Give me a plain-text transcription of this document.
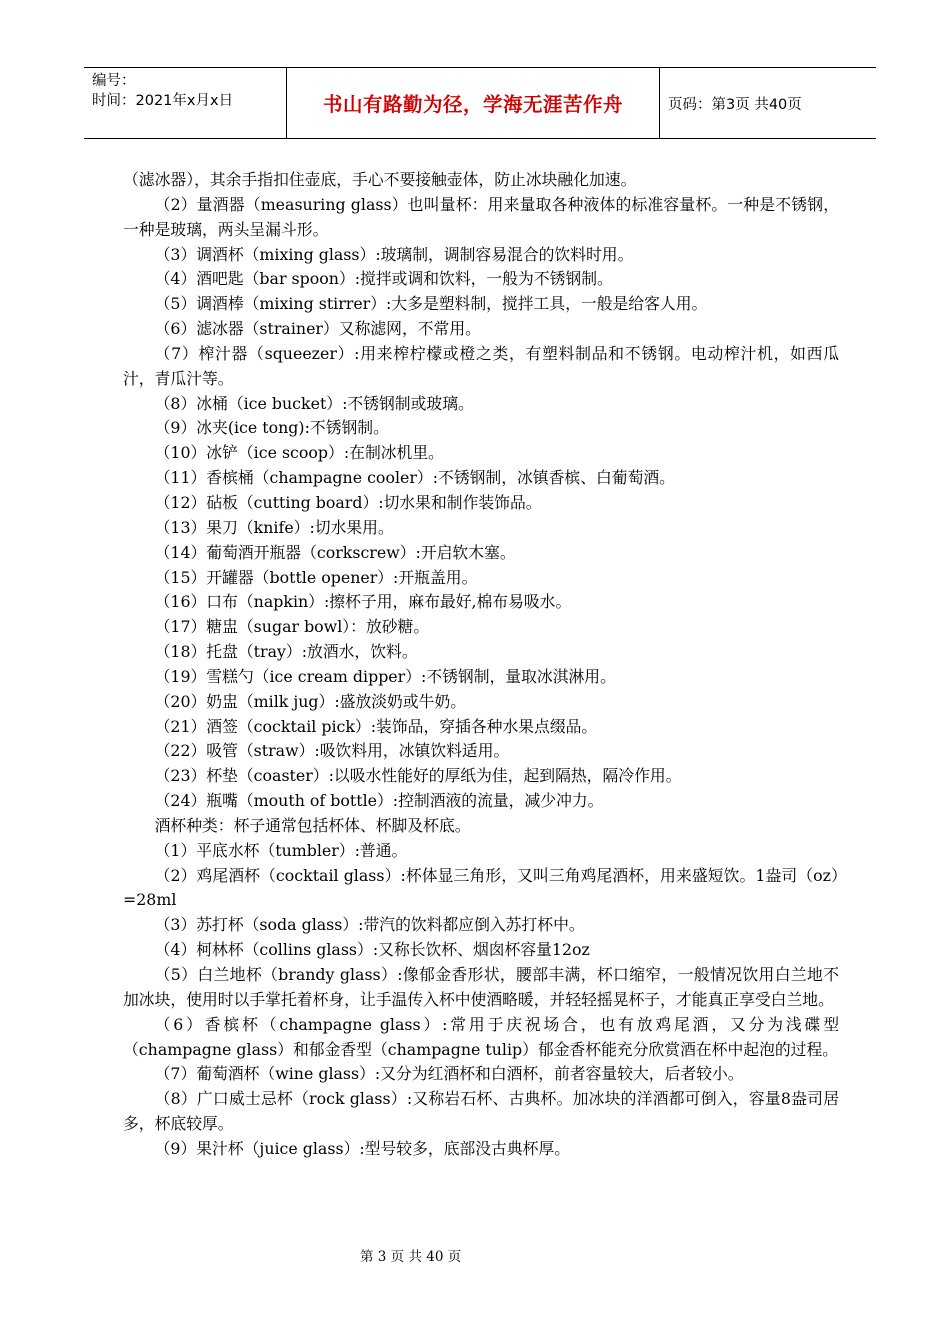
编号：
时间：2021年x月x日	书山有路勤为径，学海无涯苦作舟	页码：第3页 共40页

（滤冰器），其余手指扣住壶底，手心不要接触壶体，防止冰块融化加速。

（2）量酒器（measuring glass）也叫量杯：用来量取各种液体的标准容量杯。一种是不锈钢，一种是玻璃，两头呈漏斗形。

（3）调酒杯（mixing glass）:玻璃制，调制容易混合的饮料时用。

（4）酒吧匙（bar spoon）:搅拌或调和饮料，一般为不锈钢制。

（5）调酒棒（mixing stirrer）:大多是塑料制，搅拌工具，一般是给客人用。

（6）滤冰器（strainer）又称滤网，不常用。

（7）榨汁器（squeezer）:用来榨柠檬或橙之类，有塑料制品和不锈钢。电动榨汁机，如西瓜汁，青瓜汁等。

（8）冰桶（ice bucket）:不锈钢制或玻璃。

（9）冰夹(ice tong):不锈钢制。

（10）冰铲（ice scoop）:在制冰机里。

（11）香槟桶（champagne cooler）:不锈钢制，冰镇香槟、白葡萄酒。

（12）砧板（cutting board）:切水果和制作装饰品。

（13）果刀（knife）:切水果用。

（14）葡萄酒开瓶器（corkscrew）:开启软木塞。

（15）开罐器（bottle opener）:开瓶盖用。

（16）口布（napkin）:擦杯子用，麻布最好,棉布易吸水。

（17）糖盅（sugar bowl）：放砂糖。

（18）托盘（tray）:放酒水，饮料。

（19）雪糕勺（ice cream dipper）:不锈钢制，量取冰淇淋用。

（20）奶盅（milk jug）:盛放淡奶或牛奶。

（21）酒签（cocktail pick）:装饰品，穿插各种水果点缀品。

（22）吸管（straw）:吸饮料用，冰镇饮料适用。

（23）杯垫（coaster）:以吸水性能好的厚纸为佳，起到隔热，隔冷作用。

（24）瓶嘴（mouth of bottle）:控制酒液的流量，减少冲力。

酒杯种类：杯子通常包括杯体、杯脚及杯底。

（1）平底水杯（tumbler）:普通。

（2）鸡尾酒杯（cocktail glass）:杯体显三角形，又叫三角鸡尾酒杯，用来盛短饮。1盎司（oz）=28ml

（3）苏打杯（soda glass）:带汽的饮料都应倒入苏打杯中。

（4）柯林杯（collins glass）:又称长饮杯、烟囱杯容量12oz

（5）白兰地杯（brandy glass）:像郁金香形状，腰部丰满，杯口缩窄，一般情况饮用白兰地不加冰块，使用时以手掌托着杯身，让手温传入杯中使酒略暖，并轻轻摇晃杯子，才能真正享受白兰地。

（6）香槟杯（champagne glass）:常用于庆祝场合，也有放鸡尾酒，又分为浅碟型（champagne glass）和郁金香型（champagne tulip）郁金香杯能充分欣赏酒在杯中起泡的过程。

（7）葡萄酒杯（wine glass）:又分为红酒杯和白酒杯，前者容量较大，后者较小。

（8）广口威士忌杯（rock glass）:又称岩石杯、古典杯。加冰块的洋酒都可倒入，容量8盎司居多，杯底较厚。

（9）果汁杯（juice glass）:型号较多，底部没古典杯厚。

第 3 页 共 40 页
